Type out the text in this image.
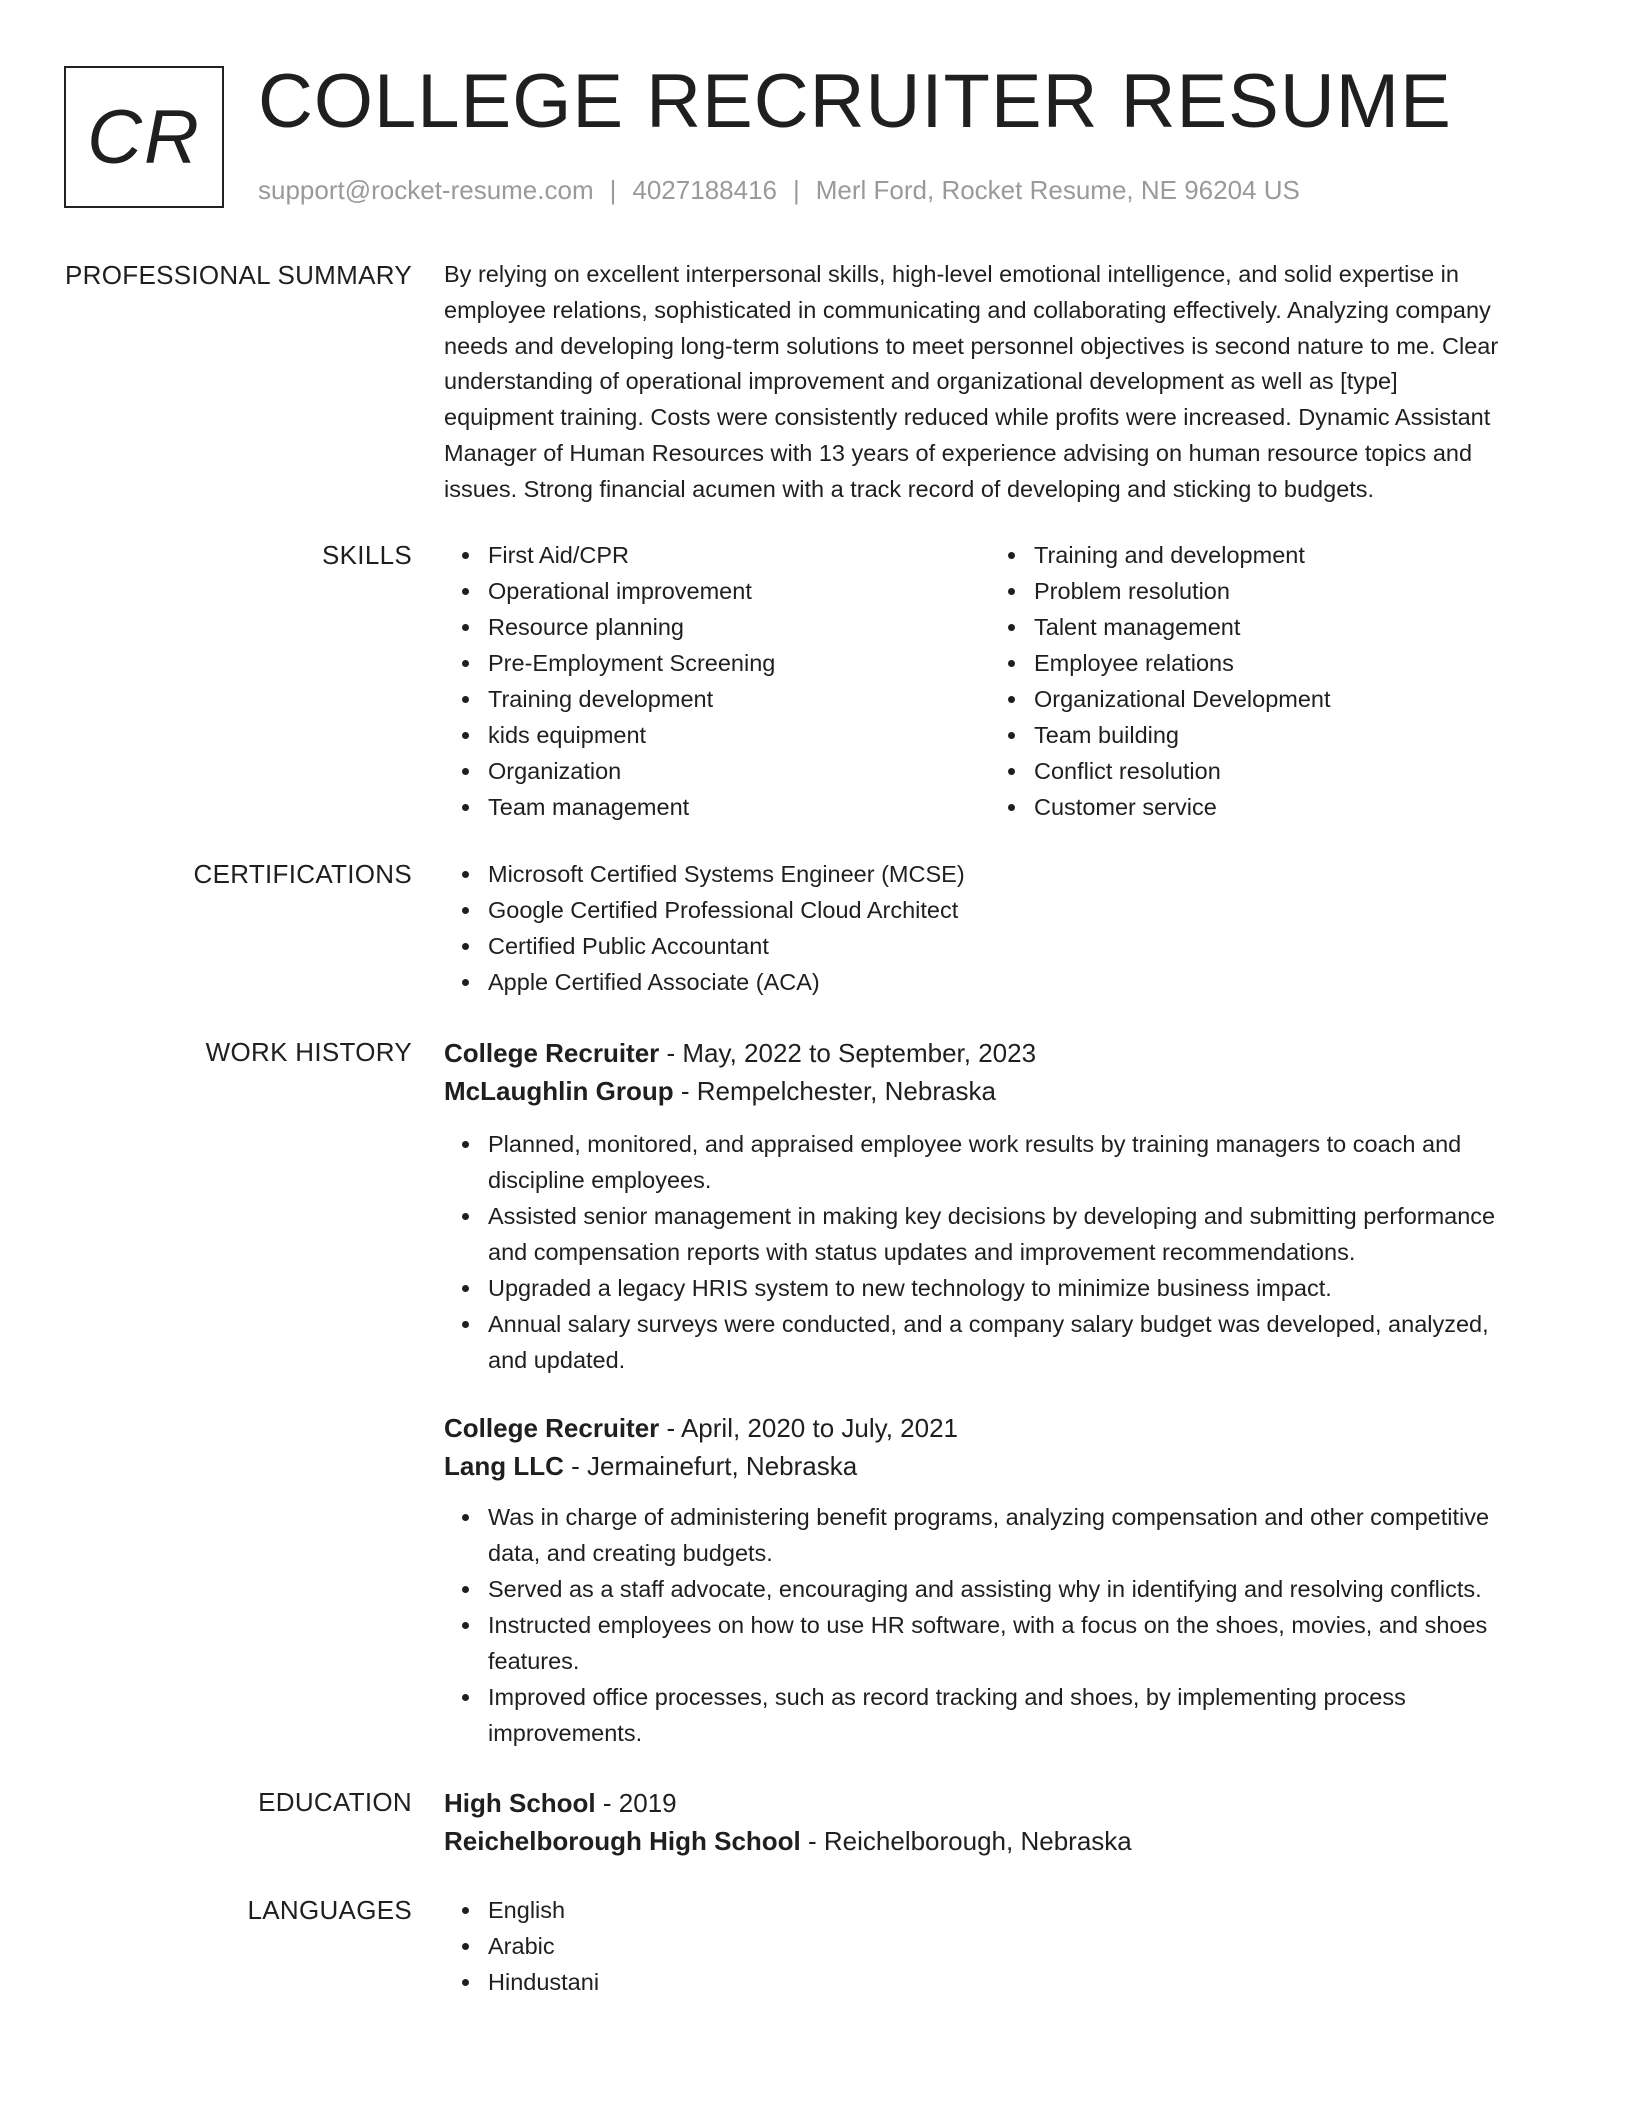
CR COLLEGE RECRUITER RESUME
support@rocket-resume.com | 4027188416 | Merl Ford, Rocket Resume, NE 96204 US
PROFESSIONAL SUMMARY By relying on excellent interpersonal skills, high-level emotional intelligence, and solid expertise in
employee relations, sophisticated in communicating and collaborating effectively. Analyzing company
needs and developing long-term solutions to meet personnel objectives is second nature to me. Clear
understanding of operational improvement and organizational development as well as [type]
equipment training. Costs were consistently reduced while profits were increased. Dynamic Assistant
Manager of Human Resources with 13 years of experience advising on human resource topics and
issues. Strong financial acumen with a track record of developing and sticking to budgets.

SKILLS	First Aid/CPR
Operational improvement
Resource planning
Pre-Employment Screening
Training development
kids equipment
Organization
Team management
Training and development
Problem resolution
Talent management
Employee relations
Organizational Development
Team building
Conflict resolution
Customer service
CERTIFICATIONS	Microsoft Certified Systems Engineer (MCSE)
Google Certified Professional Cloud Architect
Certified Public Accountant
Apple Certified Associate (ACA)
WORK HISTORY College Recruiter - May, 2022 to September, 2023
McLaughlin Group - Rempelchester, Nebraska
Planned, monitored, and appraised employee work results by training managers to coach and
discipline employees.
Assisted senior management in making key decisions by developing and submitting performance
and compensation reports with status updates and improvement recommendations.
Upgraded a legacy HRIS system to new technology to minimize business impact.
Annual salary surveys were conducted, and a company salary budget was developed, analyzed,
and updated.
College Recruiter - April, 2020 to July, 2021
Lang LLC - Jermainefurt, Nebraska
Was in charge of administering benefit programs, analyzing compensation and other competitive
data, and creating budgets.
Served as a staff advocate, encouraging and assisting why in identifying and resolving conflicts.
Instructed employees on how to use HR software, with a focus on the shoes, movies, and shoes
features.
Improved office processes, such as record tracking and shoes, by implementing process
improvements.
EDUCATION High School - 2019
Reichelborough High School - Reichelborough, Nebraska
LANGUAGES	English
Arabic
Hindustani
